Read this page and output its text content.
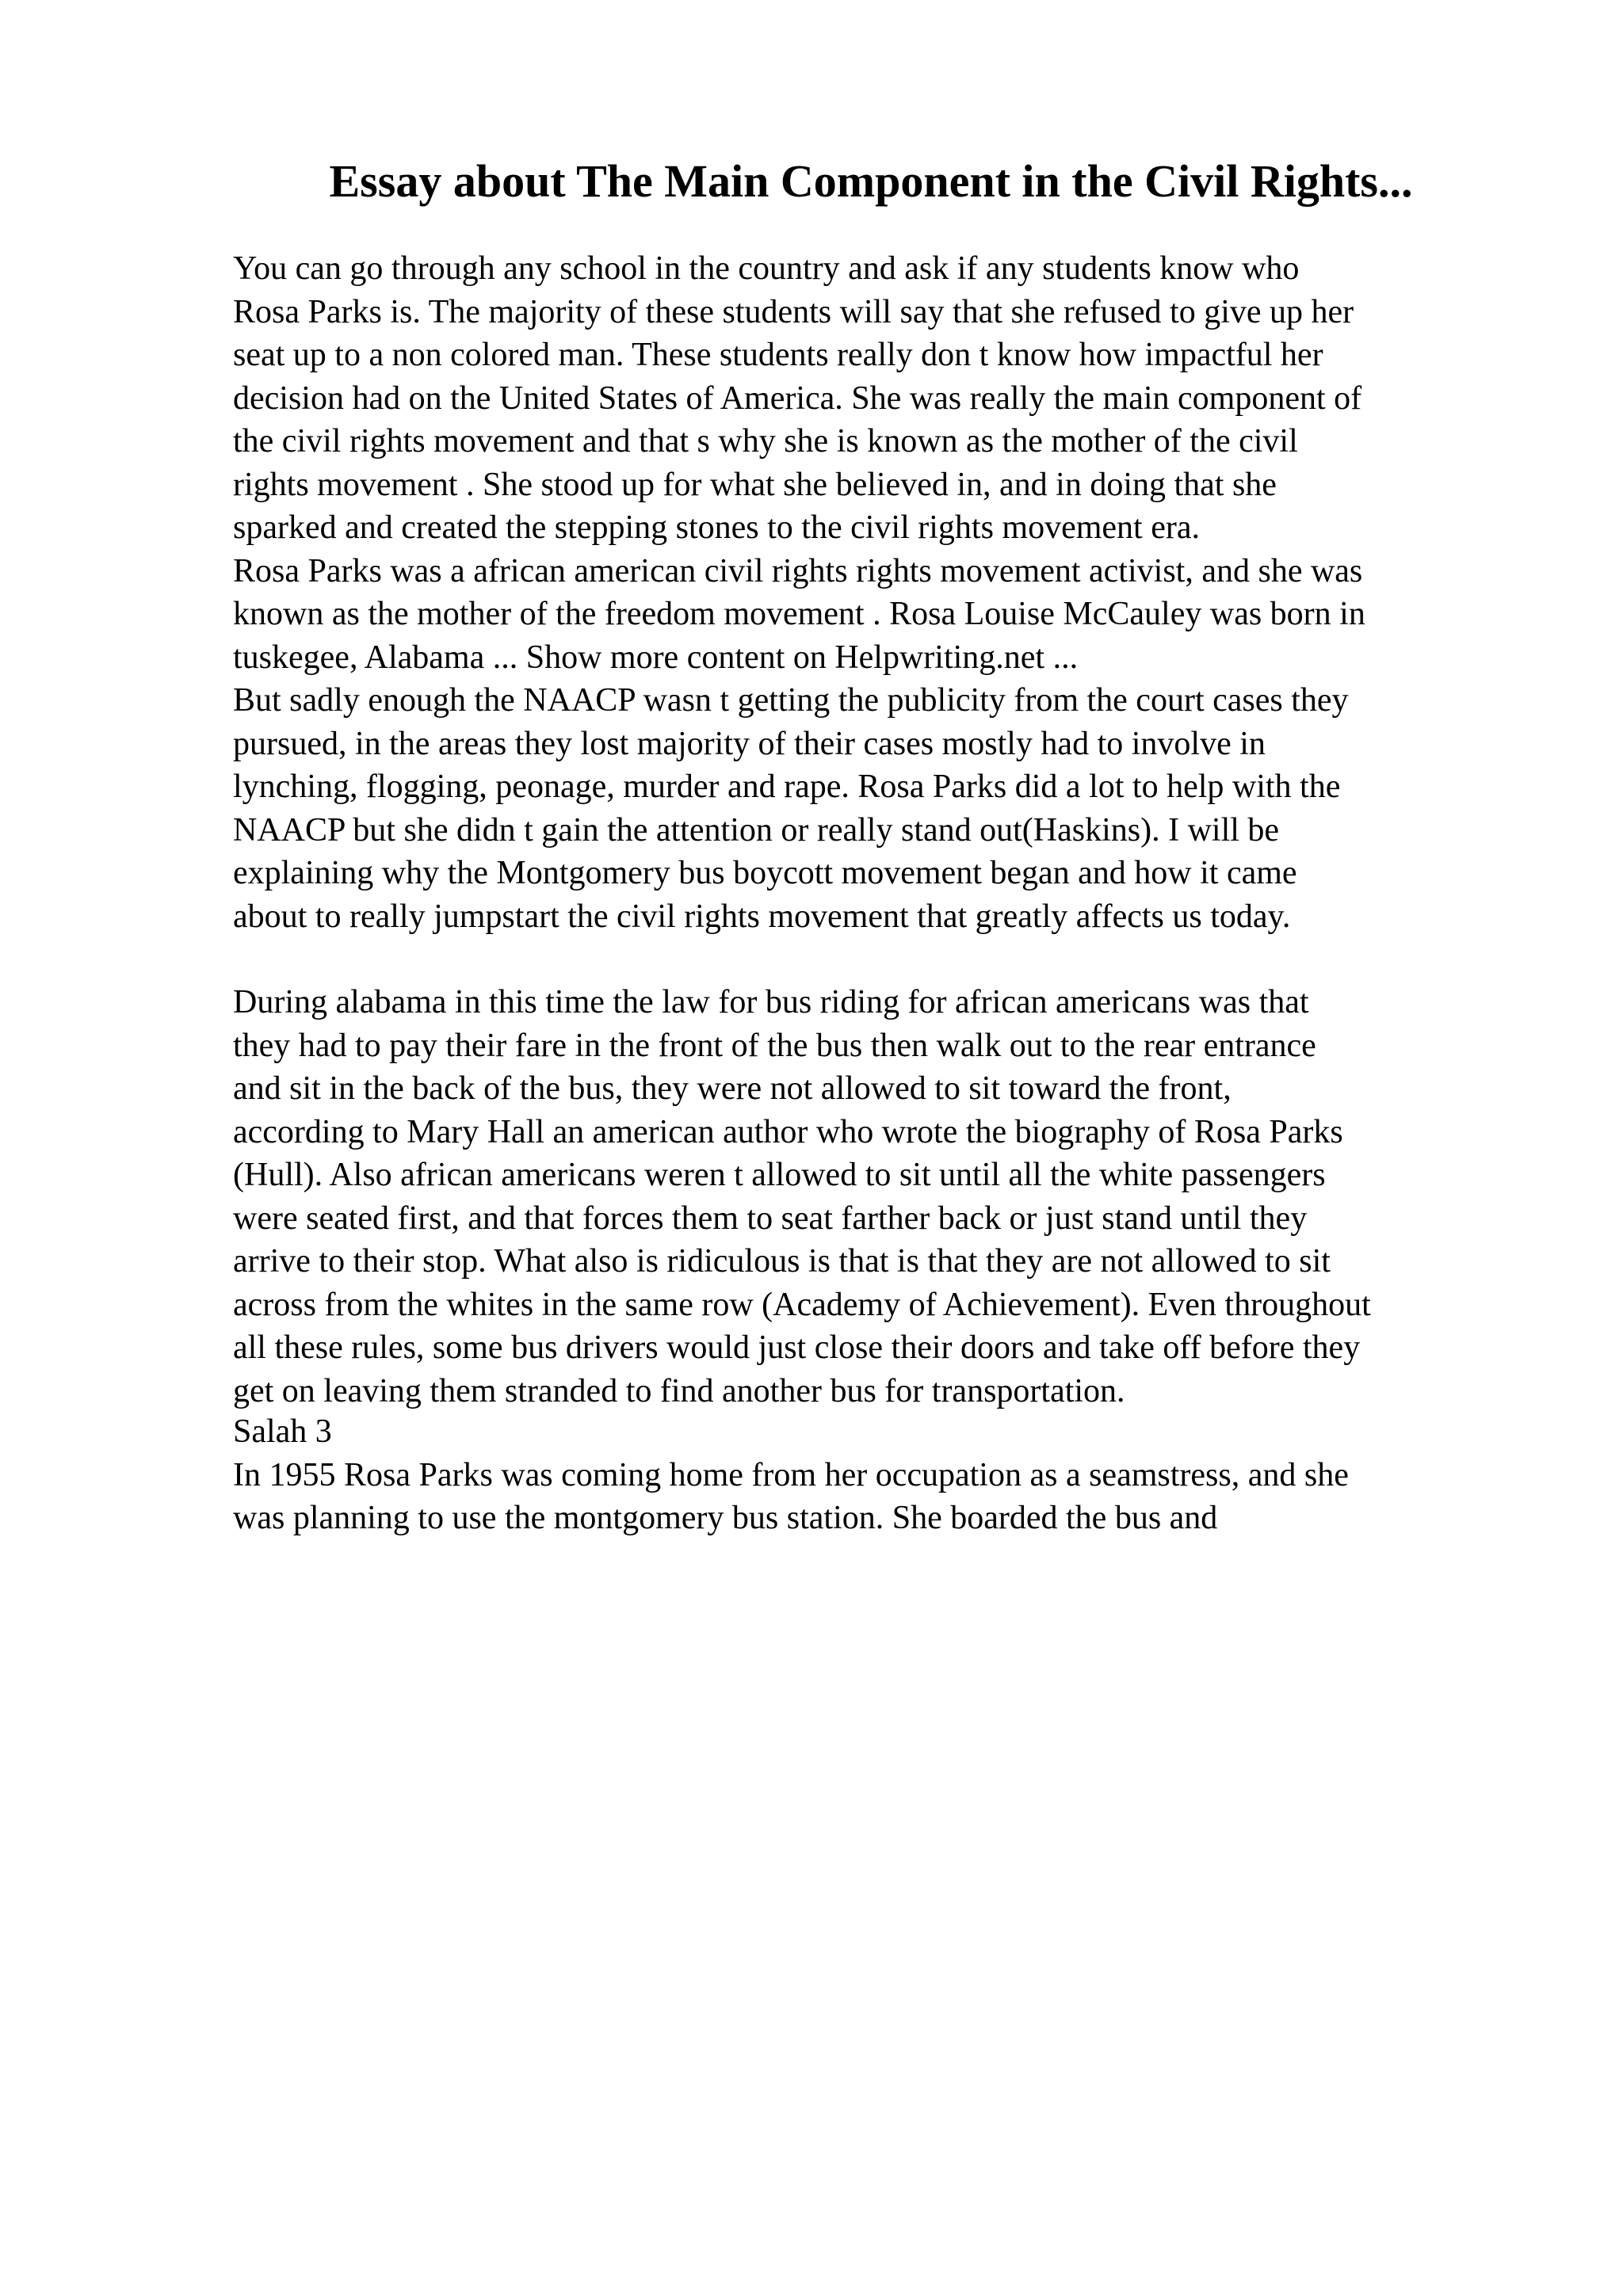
Essay about The Main Component in the Civil Rights...
You can go through any school in the country and ask if any students know who
Rosa Parks is. The majority of these students will say that she refused to give up her
seat up to a non colored man. These students really don t know how impactful her
decision had on the United States of America. She was really the main component of
the civil rights movement and that s why she is known as the mother of the civil
rights movement . She stood up for what she believed in, and in doing that she
sparked and created the stepping stones to the civil rights movement era.
Rosa Parks was a african american civil rights rights movement activist, and she was
known as the mother of the freedom movement . Rosa Louise McCauley was born in
tuskegee, Alabama ... Show more content on Helpwriting.net ...
But sadly enough the NAACP wasn t getting the publicity from the court cases they
pursued, in the areas they lost majority of their cases mostly had to involve in
lynching, flogging, peonage, murder and rape. Rosa Parks did a lot to help with the
NAACP but she didn t gain the attention or really stand out(Haskins). I will be
explaining why the Montgomery bus boycott movement began and how it came
about to really jumpstart the civil rights movement that greatly affects us today.
During alabama in this time the law for bus riding for african americans was that
they had to pay their fare in the front of the bus then walk out to the rear entrance
and sit in the back of the bus, they were not allowed to sit toward the front,
according to Mary Hall an american author who wrote the biography of Rosa Parks
(Hull). Also african americans weren t allowed to sit until all the white passengers
were seated first, and that forces them to seat farther back or just stand until they
arrive to their stop. What also is ridiculous is that is that they are not allowed to sit
across from the whites in the same row (Academy of Achievement). Even throughout
all these rules, some bus drivers would just close their doors and take off before they
get on leaving them stranded to find another bus for transportation.
Salah 3
In 1955 Rosa Parks was coming home from her occupation as a seamstress, and she
was planning to use the montgomery bus station. She boarded the bus and
